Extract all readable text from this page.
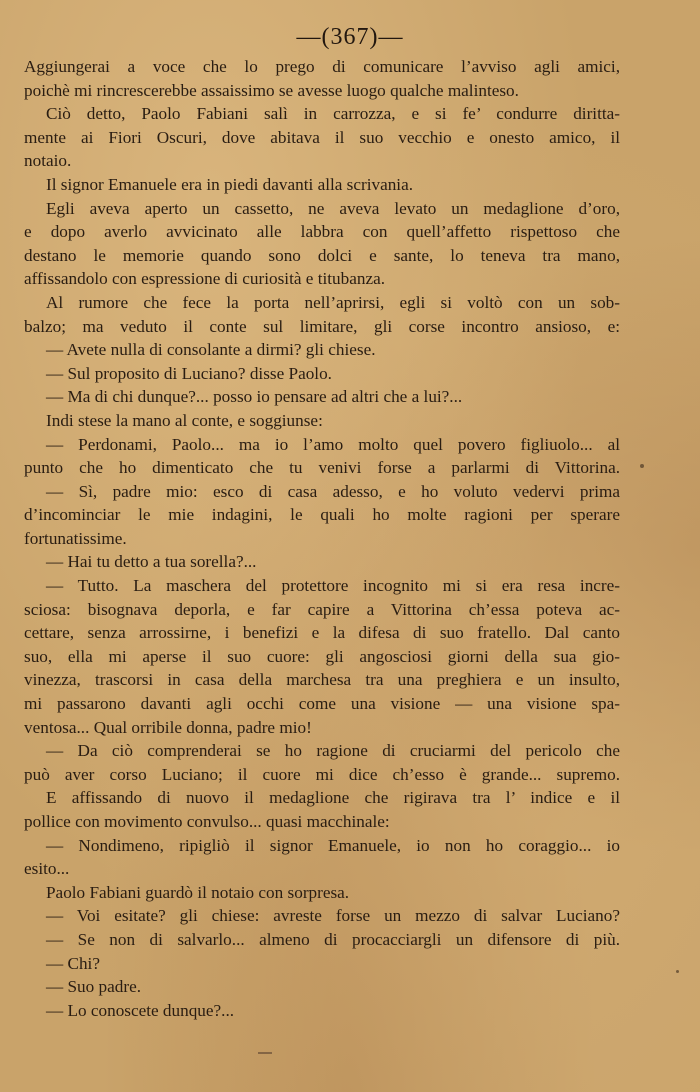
—(367)—
Aggiungerai a voce che lo prego di comunicare l’avviso agli amici,
poichè mi rincrescerebbe assaissimo se avesse luogo qualche malinteso.
Ciò detto, Paolo Fabiani salì in carrozza, e si fe’ condurre diritta-
mente ai Fiori Oscuri, dove abitava il suo vecchio e onesto amico, il
notaio.
Il signor Emanuele era in piedi davanti alla scrivania.
Egli aveva aperto un cassetto, ne aveva levato un medaglione d’oro,
e dopo averlo avvicinato alle labbra con quell’affetto rispettoso che
destano le memorie quando sono dolci e sante, lo teneva tra mano,
affissandolo con espressione di curiosità e titubanza.
Al rumore che fece la porta nell’aprirsi, egli si voltò con un sob-
balzo; ma veduto il conte sul limitare, gli corse incontro ansioso, e:
— Avete nulla di consolante a dirmi? gli chiese.
— Sul proposito di Luciano? disse Paolo.
— Ma di chi dunque?... posso io pensare ad altri che a lui?...
Indi stese la mano al conte, e soggiunse:
— Perdonami, Paolo... ma io l’amo molto quel povero figliuolo... al
punto che ho dimenticato che tu venivi forse a parlarmi di Vittorina.
— Sì, padre mio: esco di casa adesso, e ho voluto vedervi prima
d’incominciar le mie indagini, le quali ho molte ragioni per sperare
fortunatissime.
— Hai tu detto a tua sorella?...
— Tutto. La maschera del protettore incognito mi si era resa incre-
sciosa: bisognava deporla, e far capire a Vittorina ch’essa poteva ac-
cettare, senza arrossirne, i benefizi e la difesa di suo fratello. Dal canto
suo, ella mi aperse il suo cuore: gli angosciosi giorni della sua gio-
vinezza, trascorsi in casa della marchesa tra una preghiera e un insulto,
mi passarono davanti agli occhi come una visione — una visione spa-
ventosa... Qual orribile donna, padre mio!
— Da ciò comprenderai se ho ragione di cruciarmi del pericolo che
può aver corso Luciano; il cuore mi dice ch’esso è grande... supremo.
E affissando di nuovo il medaglione che rigirava tra l’ indice e il
pollice con movimento convulso... quasi macchinale:
— Nondimeno, ripigliò il signor Emanuele, io non ho coraggio... io
esito...
Paolo Fabiani guardò il notaio con sorpresa.
— Voi esitate? gli chiese: avreste forse un mezzo di salvar Luciano?
— Se non di salvarlo... almeno di procacciargli un difensore di più.
— Chi?
— Suo padre.
— Lo conoscete dunque?...
